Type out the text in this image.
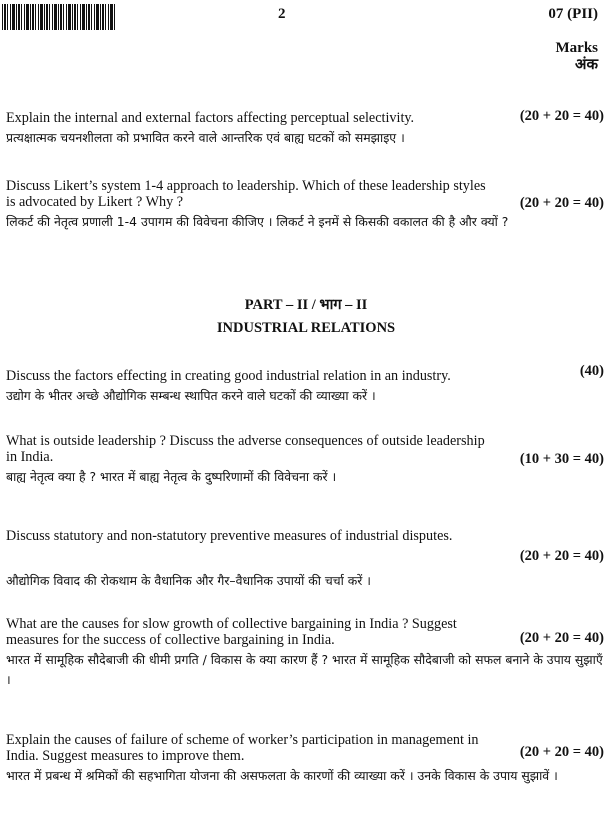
2	07 (PII)
Marks
अंक

Explain the internal and external factors affecting perceptual selectivity.	(20 + 20 = 40)

प्रत्यक्षात्मक चयनशीलता को प्रभावित करने वाले आन्तरिक एवं बाह्य घटकों को समझाइए ।

Discuss Likert’s system 1-4 approach to leadership. Which of these leadership styles is advocated by Likert ? Why ?	(20 + 20 = 40)

लिकर्ट की नेतृत्व प्रणाली 1-4 उपागम की विवेचना कीजिए । लिकर्ट ने इनमें से किसकी वकालत की है और क्यों ?

PART – II / भाग – II
INDUSTRIAL RELATIONS

Discuss the factors effecting in creating good industrial relation in an industry.	(40)

उद्योग के भीतर अच्छे औद्योगिक सम्बन्ध स्थापित करने वाले घटकों की व्याख्या करें ।

What is outside leadership ? Discuss the adverse consequences of outside leadership in India.	(10 + 30 = 40)

बाह्य नेतृत्व क्या है ? भारत में बाह्य नेतृत्व के दुष्परिणामों की विवेचना करें ।

Discuss statutory and non-statutory preventive measures of industrial disputes.

(20 + 20 = 40)

औद्योगिक विवाद की रोकथाम के वैधानिक और गैर–वैधानिक उपायों की चर्चा करें ।

What are the causes for slow growth of collective bargaining in India ? Suggest measures for the success of collective bargaining in India.	(20 + 20 = 40)

भारत में सामूहिक सौदेबाजी की धीमी प्रगति / विकास के क्या कारण हैं ? भारत में सामूहिक सौदेबाजी को सफल बनाने के उपाय सुझाएँ ।

Explain the causes of failure of scheme of worker’s participation in management in India. Suggest measures to improve them.	(20 + 20 = 40)

भारत में प्रबन्ध में श्रमिकों की सहभागिता योजना की असफलता के कारणों की व्याख्या करें । उनके विकास के उपाय सुझावें ।
